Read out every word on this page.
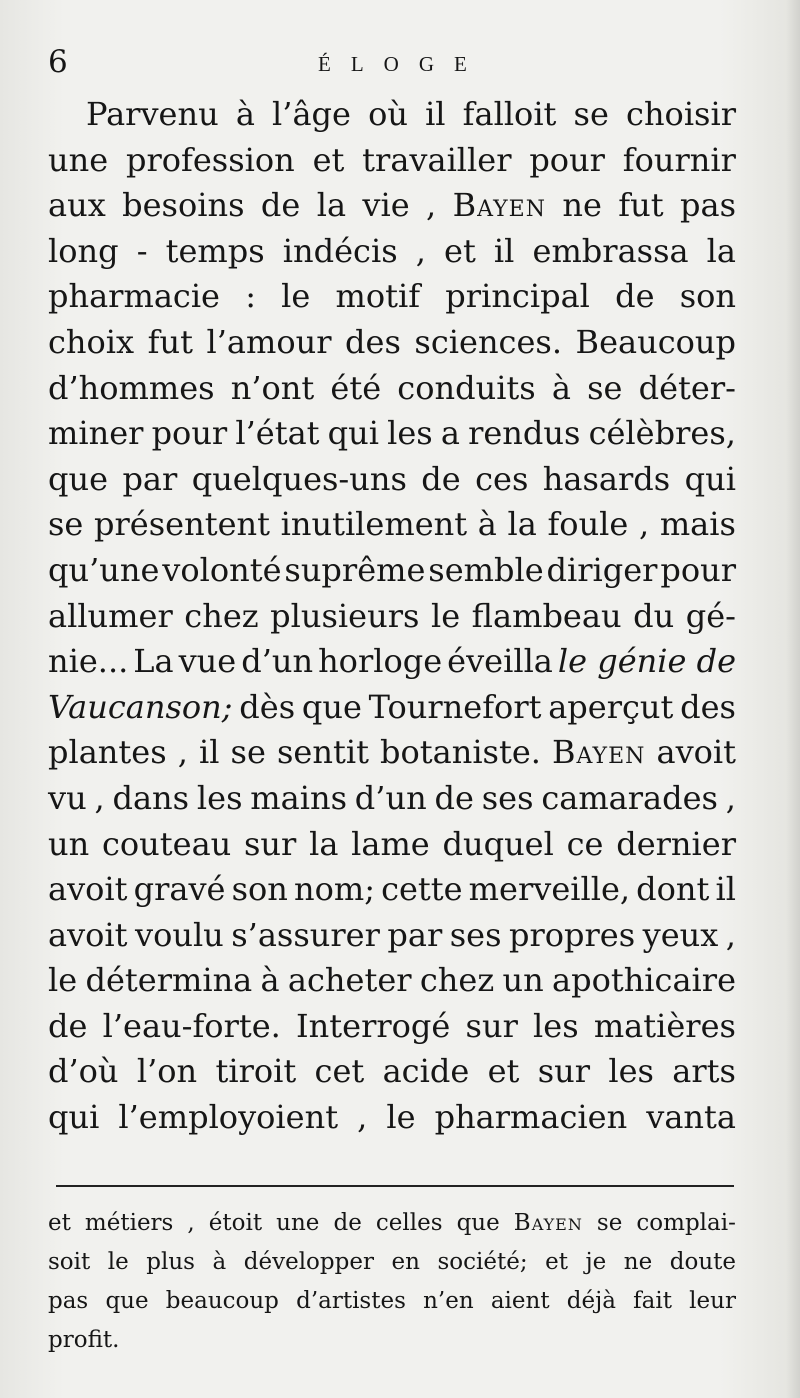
6	ÉLOGE
Parvenu à l’âge où il falloit se choisir
une profession et travailler pour fournir
aux besoins de la vie , Bayen ne fut pas
long - temps indécis , et il embrassa la
pharmacie : le motif principal de son
choix fut l’amour des sciences. Beaucoup
d’hommes n’ont été conduits à se déter-
miner pour l’état qui les a rendus célèbres,
que par quelques-uns de ces hasards qui
se présentent inutilement à la foule , mais
qu’une volonté suprême semble diriger pour
allumer chez plusieurs le flambeau du gé-
nie... La vue d’un horloge éveilla le génie de
Vaucanson; dès que Tournefort aperçut des
plantes , il se sentit botaniste. Bayen avoit
vu , dans les mains d’un de ses camarades ,
un couteau sur la lame duquel ce dernier
avoit gravé son nom; cette merveille, dont il
avoit voulu s’assurer par ses propres yeux ,
le détermina à acheter chez un apothicaire
de l’eau-forte. Interrogé sur les matières
d’où l’on tiroit cet acide et sur les arts
qui l’employoient , le pharmacien vanta
et métiers , étoit une de celles que Bayen se complai-
soit le plus à développer en société; et je ne doute
pas que beaucoup d’artistes n’en aient déjà fait leur
profit.
